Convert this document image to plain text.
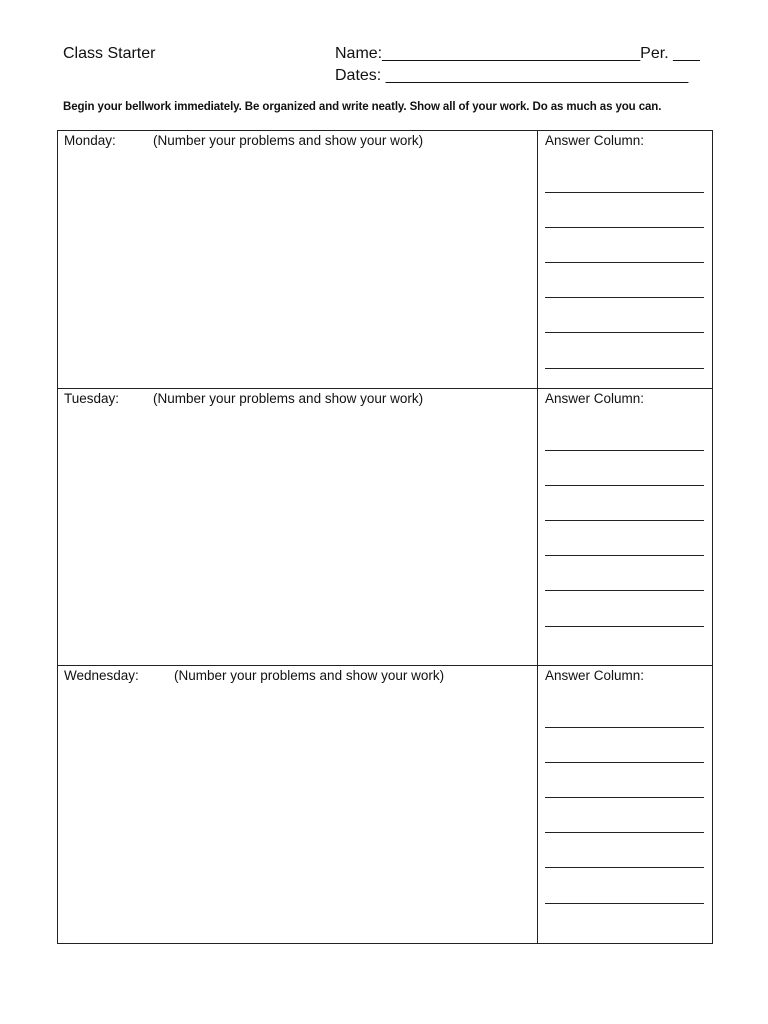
Class Starter	Name:_____________________________Per. ___
Dates: __________________________________
Begin your bellwork immediately. Be organized and write neatly. Show all of your work. Do as much as you can.
Monday:	(Number your problems and show your work)	Answer Column:
Tuesday:	(Number your problems and show your work)	Answer Column:
Wednesday:	(Number your problems and show your work)	Answer Column:
